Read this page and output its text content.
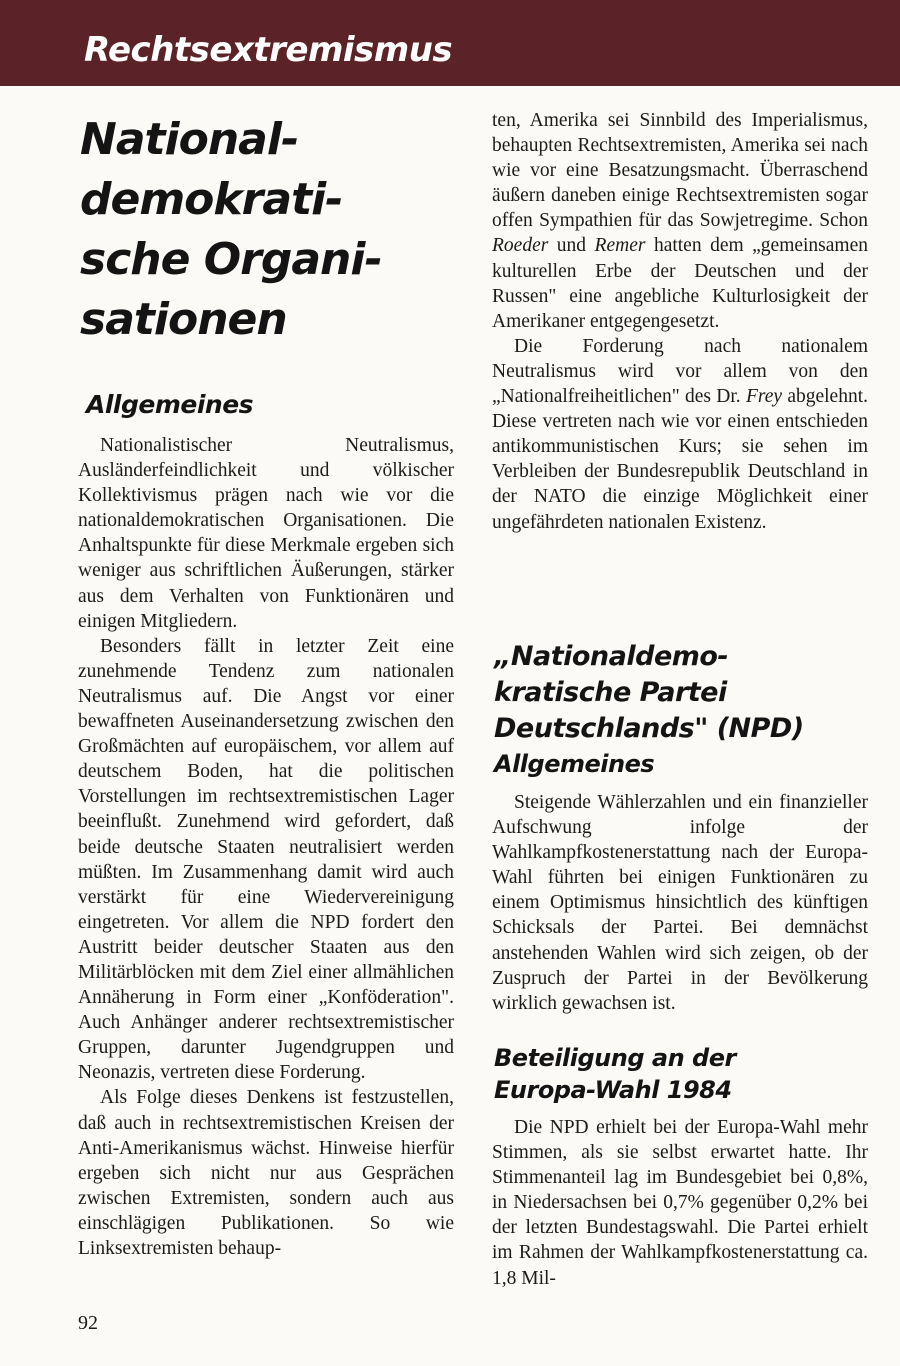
Rechtsextremismus
National-
demokrati-
sche Organi-
sationen
Allgemeines

Nationalistischer Neutralismus, Ausländerfeindlichkeit und völkischer Kollektivismus prägen nach wie vor die nationaldemokratischen Organisationen. Die Anhaltspunkte für diese Merkmale ergeben sich weniger aus schriftlichen Äußerungen, stärker aus dem Verhalten von Funktionären und einigen Mitgliedern.

Besonders fällt in letzter Zeit eine zunehmende Tendenz zum nationalen Neutralismus auf. Die Angst vor einer bewaffneten Auseinandersetzung zwischen den Großmächten auf europäischem, vor allem auf deutschem Boden, hat die politischen Vorstellungen im rechtsextremistischen Lager beeinflußt. Zunehmend wird gefordert, daß beide deutsche Staaten neutralisiert werden müßten. Im Zusammenhang damit wird auch verstärkt für eine Wiedervereinigung eingetreten. Vor allem die NPD fordert den Austritt beider deutscher Staaten aus den Militärblöcken mit dem Ziel einer allmählichen Annäherung in Form einer „Konföderation". Auch Anhänger anderer rechtsextremistischer Gruppen, darunter Jugendgruppen und Neonazis, vertreten diese Forderung.

Als Folge dieses Denkens ist festzustellen, daß auch in rechtsextremistischen Kreisen der Anti-Amerikanismus wächst. Hinweise hierfür ergeben sich nicht nur aus Gesprächen zwischen Extremisten, sondern auch aus einschlägigen Publikationen. So wie Linksextremisten behaup-

ten, Amerika sei Sinnbild des Imperialismus, behaupten Rechtsextremisten, Amerika sei nach wie vor eine Besatzungsmacht. Überraschend äußern daneben einige Rechtsextremisten sogar offen Sympathien für das Sowjetregime. Schon Roeder und Remer hatten dem „gemeinsamen kulturellen Erbe der Deutschen und der Russen" eine angebliche Kulturlosigkeit der Amerikaner entgegengesetzt.

Die Forderung nach nationalem Neutralismus wird vor allem von den „Nationalfreiheitlichen" des Dr. Frey abgelehnt. Diese vertreten nach wie vor einen entschieden antikommunistischen Kurs; sie sehen im Verbleiben der Bundesrepublik Deutschland in der NATO die einzige Möglichkeit einer ungefährdeten nationalen Existenz.

„Nationaldemo-
kratische Partei
Deutschlands" (NPD)
Allgemeines

Steigende Wählerzahlen und ein finanzieller Aufschwung infolge der Wahlkampfkostenerstattung nach der Europa-Wahl führten bei einigen Funktionären zu einem Optimismus hinsichtlich des künftigen Schicksals der Partei. Bei demnächst anstehenden Wahlen wird sich zeigen, ob der Zuspruch der Partei in der Bevölkerung wirklich gewachsen ist.

Beteiligung an der
Europa-Wahl 1984

Die NPD erhielt bei der Europa-Wahl mehr Stimmen, als sie selbst erwartet hatte. Ihr Stimmenanteil lag im Bundesgebiet bei 0,8%, in Niedersachsen bei 0,7% gegenüber 0,2% bei der letzten Bundestagswahl. Die Partei erhielt im Rahmen der Wahlkampfkostenerstattung ca. 1,8 Mil-

92
